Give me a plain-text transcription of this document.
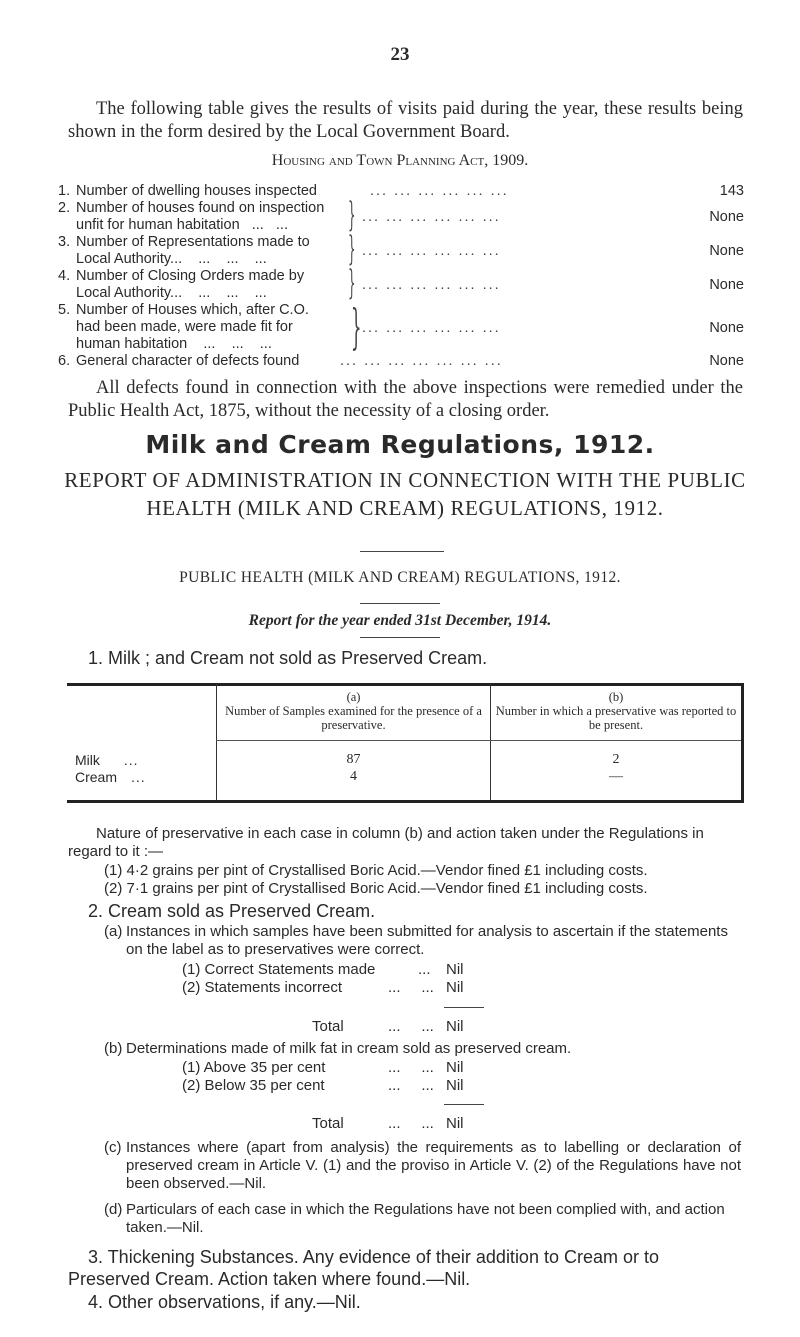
23
The following table gives the results of visits paid during the year, these results being shown in the form desired by the Local Government Board.
Housing and Town Planning Act, 1909.
1. Number of dwelling houses inspected	... ... ... ... ... ...	143
2. Number of houses found on inspection
unfit for human habitation   ...   ...	} ... ... ... ... ... ...	None
3. Number of Representations made to
Local Authority...    ...    ...    ...	} ... ... ... ... ... ...	None
4. Number of Closing Orders made by
Local Authority...    ...    ...    ...	} ... ... ... ... ... ...	None
5. Number of Houses which, after C.O.
had been made, were made fit for
human habitation    ...    ...    ...	} ... ... ... ... ... ...	None
6. General character of defects found	... ... ... ... ... ... ...	None
All defects found in connection with the above inspections were remedied under the Public Health Act, 1875, without the necessity of a closing order.
Milk and Cream Regulations, 1912.
REPORT OF ADMINISTRATION IN CONNECTION WITH THE PUBLIC HEALTH (MILK AND CREAM) REGULATIONS, 1912.
PUBLIC HEALTH (MILK AND CREAM) REGULATIONS, 1912.
Report for the year ended 31st December, 1914.
1. Milk ; and Cream not sold as Preserved Cream.
(a)
Number of Samples examined for the presence of a preservative.
(b)
Number in which a preservative was reported to be present.
Milk ...	87	2
Cream ...	4	—
Nature of preservative in each case in column (b) and action taken under the Regulations in regard to it :—
(1) 4·2 grains per pint of Crystallised Boric Acid.—Vendor fined £1 including costs.
(2) 7·1 grains per pint of Crystallised Boric Acid.—Vendor fined £1 including costs.
2. Cream sold as Preserved Cream.
(a) Instances in which samples have been submitted for analysis to ascertain if the statements on the label as to preservatives were correct.
(1) Correct Statements made	... Nil
(2) Statements incorrect	...     ... Nil
Total	...     ... Nil
(b) Determinations made of milk fat in cream sold as preserved cream.
(1) Above 35 per cent	...     ... Nil
(2) Below 35 per cent	...     ... Nil
Total	...     ... Nil
(c) Instances where (apart from analysis) the requirements as to labelling or declaration of preserved cream in Article V. (1) and the proviso in Article V. (2) of the Regulations have not been observed.—Nil.
(d) Particulars of each case in which the Regulations have not been complied with, and action taken.—Nil.
3. Thickening Substances. Any evidence of their addition to Cream or to Preserved Cream. Action taken where found.—Nil.
4. Other observations, if any.—Nil.
